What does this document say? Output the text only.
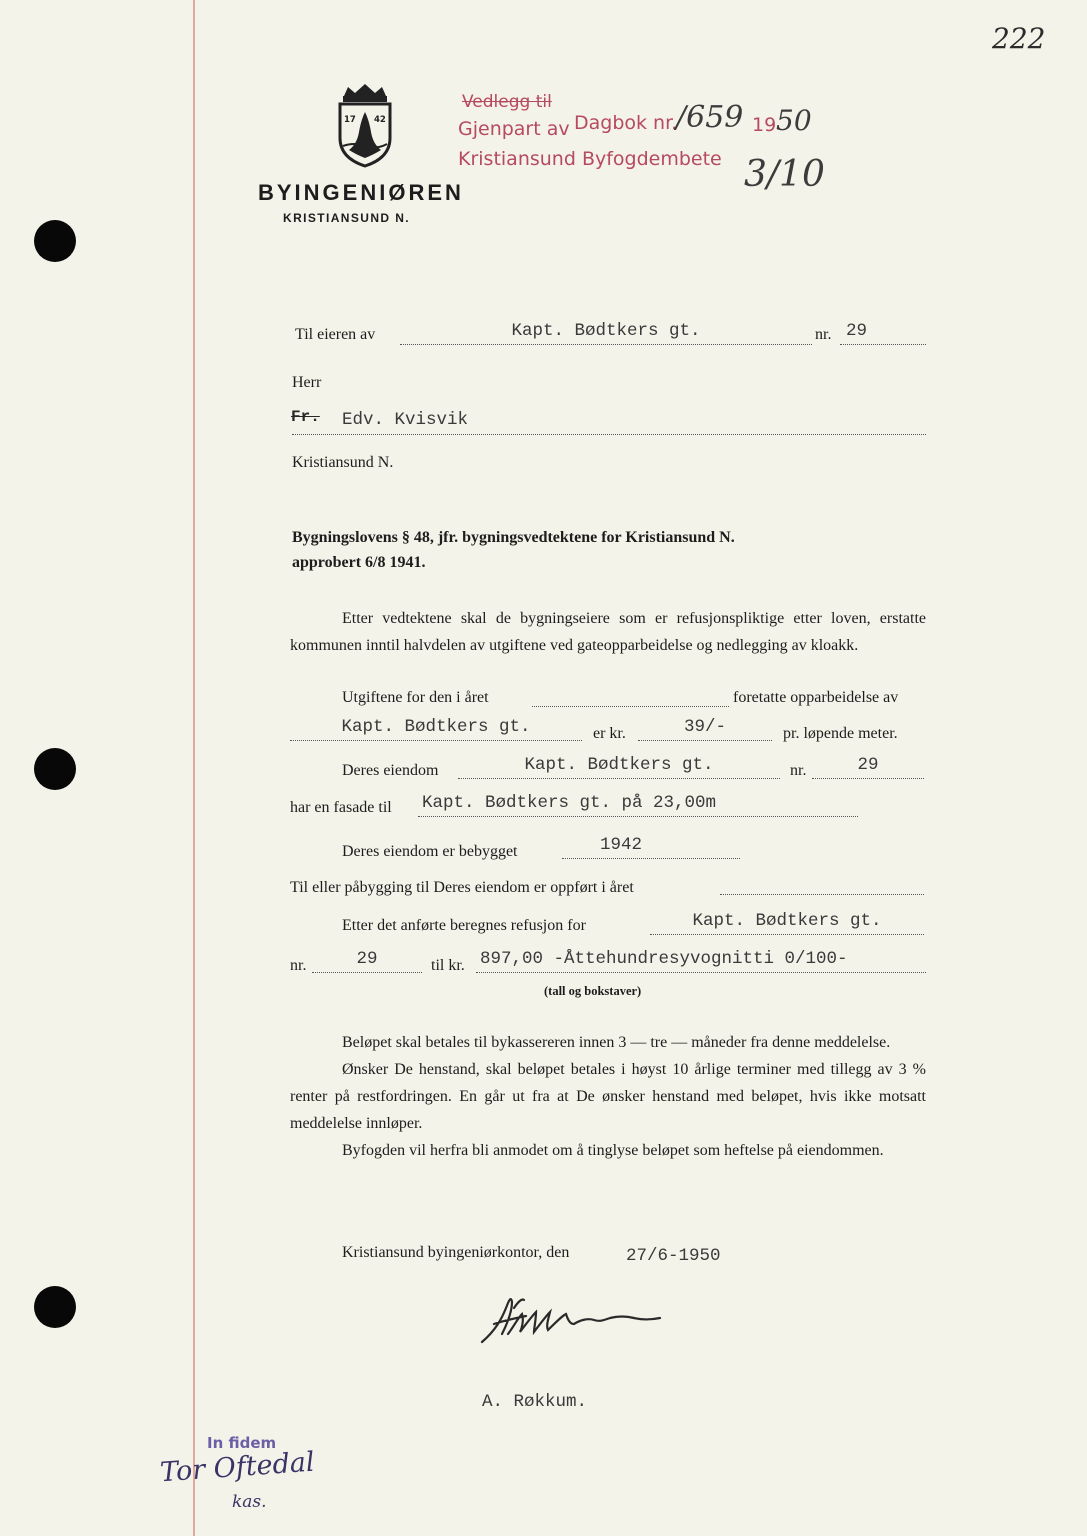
222
Vedlegg til
Gjenpart av Dagbok nr.
/659 19 50
Kristiansund Byfogdembete 3/10
17 42
BYINGENIØREN
KRISTIANSUND N.
Til eieren av	Kapt. Bødtkers gt.	nr. 29
Herr
Fr. Edv. Kvisvik
Kristiansund N.
Bygningslovens § 48, jfr. bygningsvedtektene for Kristiansund N.
approbert 6/8 1941.

Etter vedtektene skal de bygningseiere som er refusjonspliktige etter loven, erstatte kommunen inntil halvdelen av utgiftene ved gateopparbeidelse og nedlegging av kloakk.

Utgiftene for den i året	foretatte opparbeidelse av
Kapt. Bødtkers gt.	er kr.	39/-	pr. løpende meter.
Deres eiendom	Kapt. Bødtkers gt.	nr.	29
har en fasade til Kapt. Bødtkers gt. på 23,00m
Deres eiendom er bebygget	1942
Til eller påbygging til Deres eiendom er oppført i året
Etter det anførte beregnes refusjon for	Kapt. Bødtkers gt.
nr.	29	til kr. 897,00 -Åttehundresyvognitti 0/100-
(tall og bokstaver)

Beløpet skal betales til bykassereren innen 3 — tre — måneder fra denne meddelelse.

Ønsker De henstand, skal beløpet betales i høyst 10 årlige terminer med tillegg av 3 % renter på restfordringen. En går ut fra at De ønsker henstand med beløpet, hvis ikke motsatt meddelelse innløper.

Byfogden vil herfra bli anmodet om å tinglyse beløpet som heftelse på eiendommen.

Kristiansund byingeniørkontor, den	27/6-1950
A. Røkkum.
In fidem
Tor Oftedal
kas.
